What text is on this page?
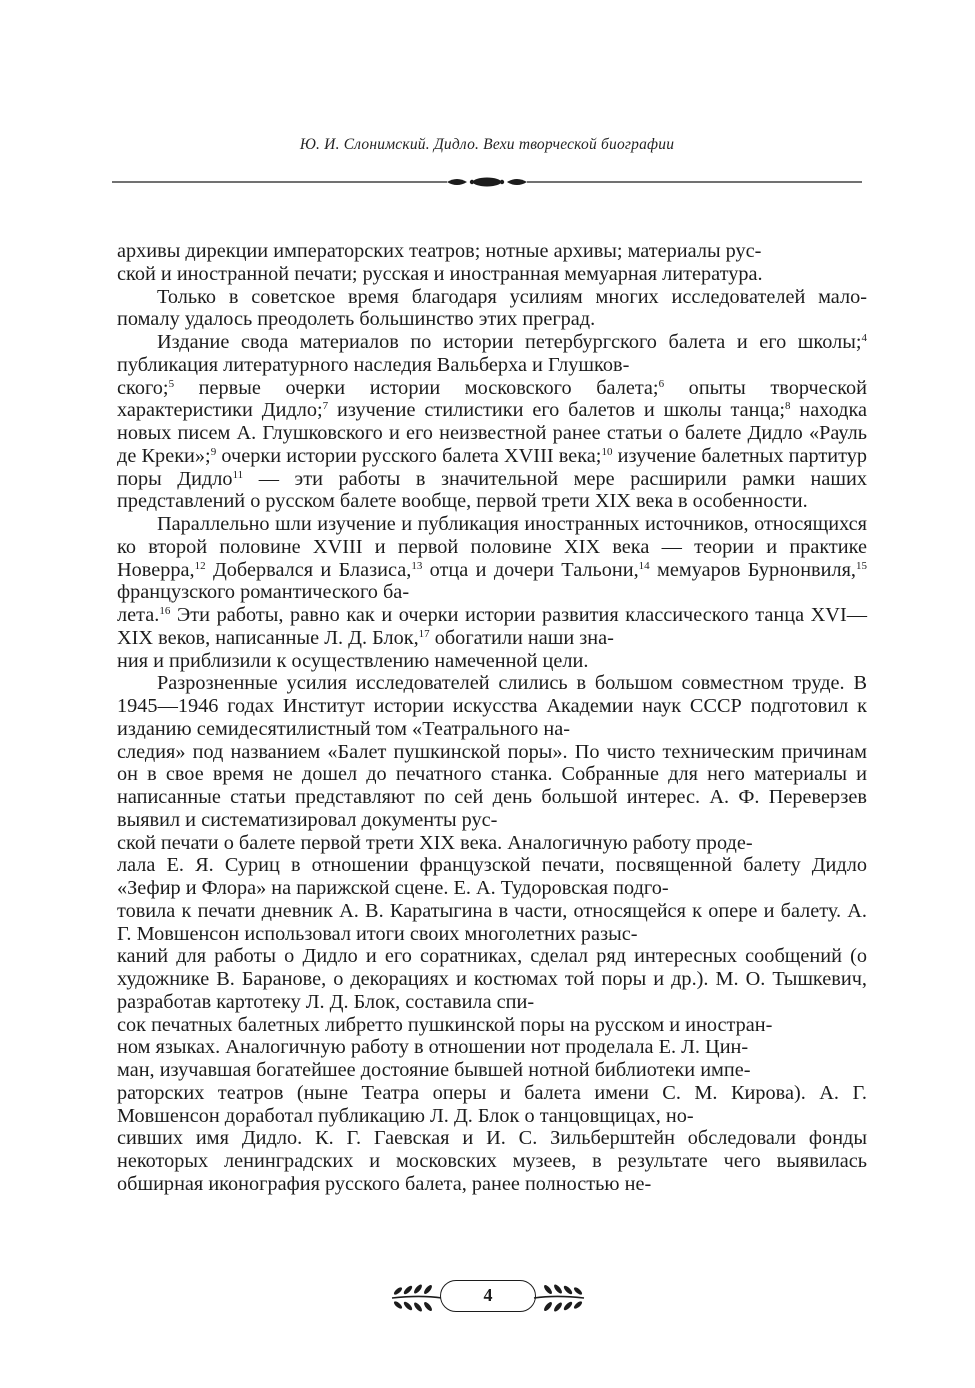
Ю. И. Слонимский. Дидло. Вехи творческой биографии

архивы дирекции императорских театров; нотные архивы; материалы рус-
ской и иностранной печати; русская и иностранная мемуарная литература.

Только в советское время благодаря усилиям многих исследователей мало-помалу удалось преодолеть большинство этих преград.

Издание свода материалов по истории петербургского балета и его школы;$^4$ публикация литературного наследия Вальберха и Глушков-
ского;$^5$ первые очерки истории московского балета;$^6$ опыты творческой характеристики Дидло;$^7$ изучение стилистики его балетов и школы танца;$^8$ находка новых писем А. Глушковского и его неизвестной ранее статьи о балете Дидло «Рауль де Креки»;$^9$ очерки истории русского балета XVIII века;$^{10}$ изучение балетных партитур поры Дидло$^{11}$ — эти работы в значительной мере расширили рамки наших представлений о русском балете вообще, первой трети XIX века в особенности.

Параллельно шли изучение и публикация иностранных источников, относящихся ко второй половине XVIII и первой половине XIX века — теории и практике Новерра,$^{12}$ Добервался и Блазиса,$^{13}$ отца и дочери Тальони,$^{14}$ мемуаров Бурнонвиля,$^{15}$ французского романтического ба-
лета.$^{16}$ Эти работы, равно как и очерки истории развития классического танца XVI—XIX веков, написанные Л. Д. Блок,$^{17}$ обогатили наши зна-
ния и приблизили к осуществлению намеченной цели.

Разрозненные усилия исследователей слились в большом совместном труде. В 1945—1946 годах Институт истории искусства Академии наук СССР подготовил к изданию семидесятилистный том «Театрального на-
следия» под названием «Балет пушкинской поры». По чисто техническим причинам он в свое время не дошел до печатного станка. Собранные для него материалы и написанные статьи представляют по сей день большой интерес. А. Ф. Переверзев выявил и систематизировал документы рус-
ской печати о балете первой трети XIX века. Аналогичную работу проде-
лала Е. Я. Суриц в отношении французской печати, посвященной балету Дидло «Зефир и Флора» на парижской сцене. Е. А. Тудоровская подго-
товила к печати дневник А. В. Каратыгина в части, относящейся к опере и балету. А. Г. Мовшенсон использовал итоги своих многолетних разыс-
каний для работы о Дидло и его соратниках, сделал ряд интересных сообщений (о художнике В. Баранове, о декорациях и костюмах той поры и др.). М. О. Тышкевич, разработав картотеку Л. Д. Блок, составила спи-
сок печатных балетных либретто пушкинской поры на русском и иностран-
ном языках. Аналогичную работу в отношении нот проделала Е. Л. Цин-
ман, изучавшая богатейшее достояние бывшей нотной библиотеки импе-
раторских театров (ныне Театра оперы и балета имени С. М. Кирова). А. Г. Мовшенсон доработал публикацию Л. Д. Блок о танцовщицах, но-
сивших имя Дидло. К. Г. Гаевская и И. С. Зильберштейн обследовали фонды некоторых ленинградских и московских музеев, в результате чего выявилась обширная иконография русского балета, ранее полностью не-

4
